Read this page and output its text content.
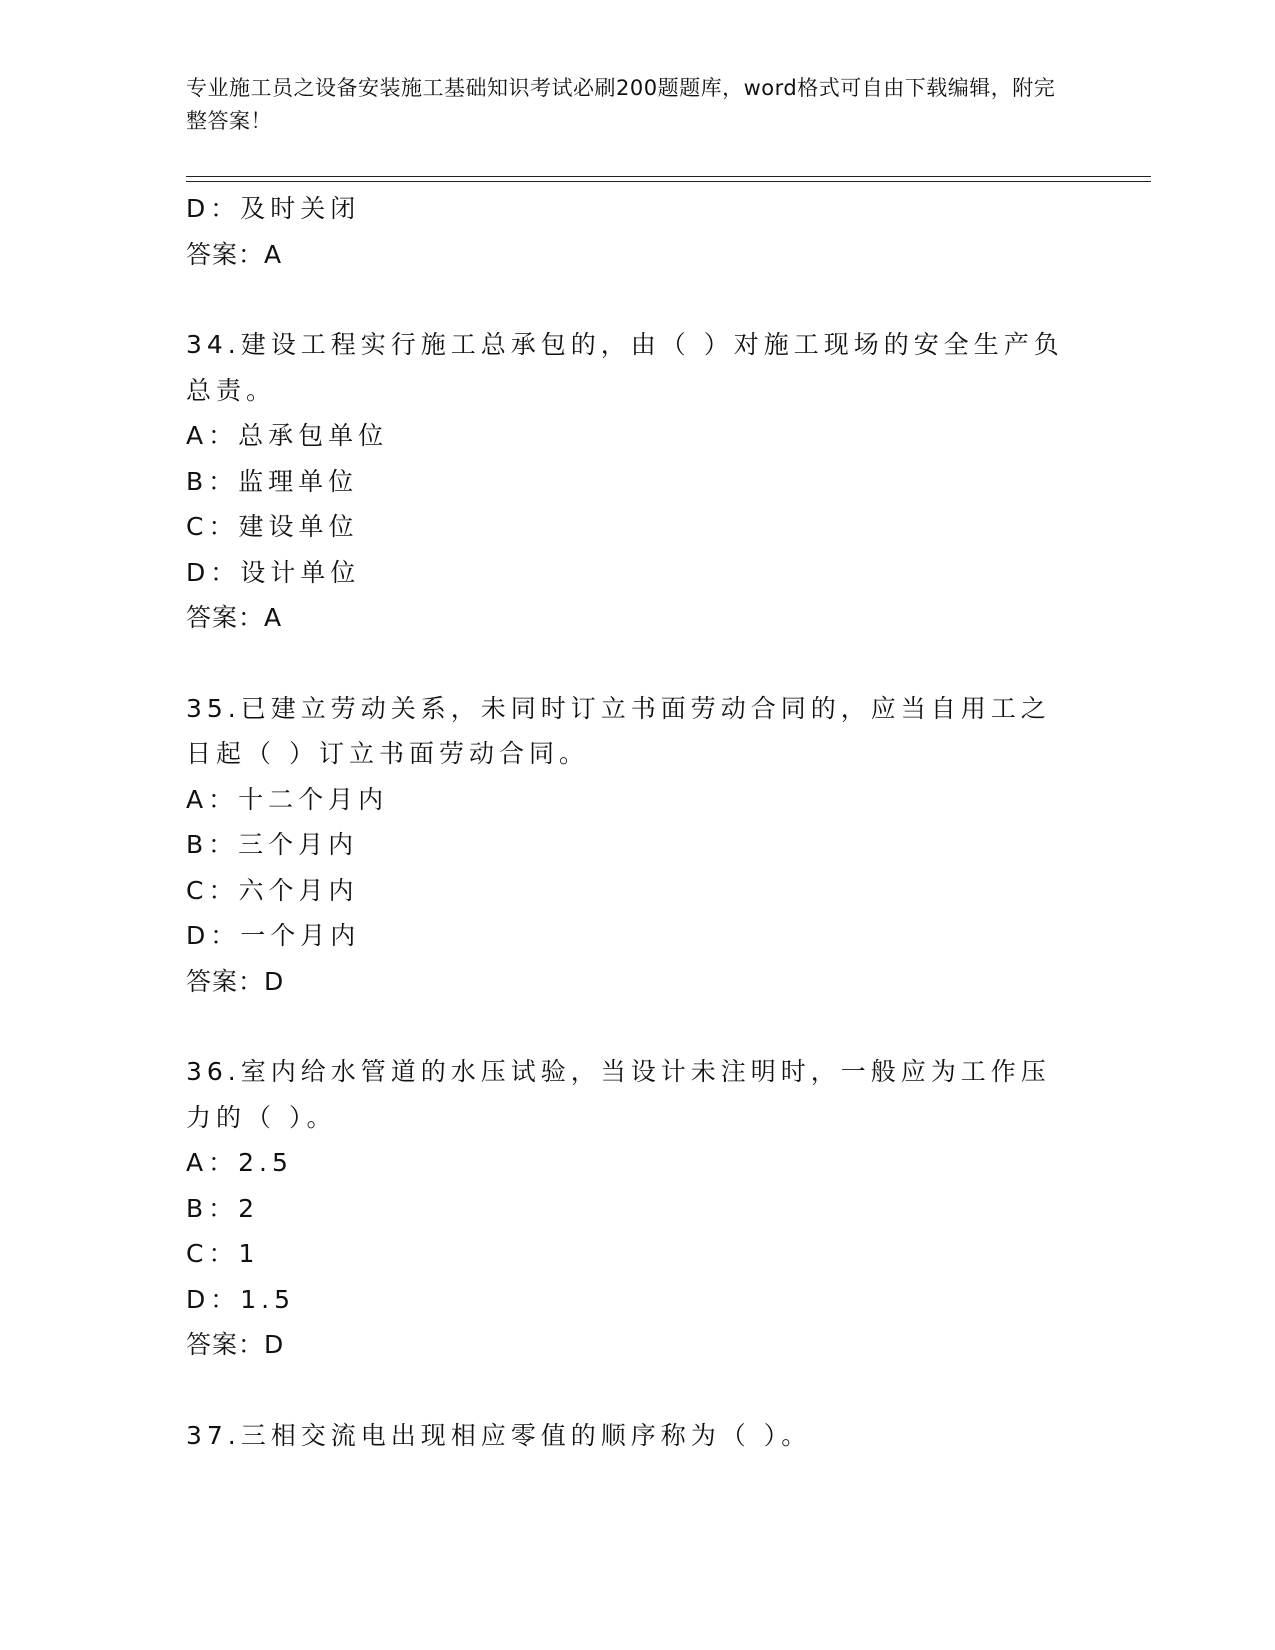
专业施工员之设备安装施工基础知识考试必刷200题题库，word格式可自由下载编辑，附完整答案！

D：及时关闭

答案：A

34.建设工程实行施工总承包的，由（ ）对施工现场的安全生产负总责。

A：总承包单位

B：监理单位

C：建设单位

D：设计单位

答案：A

35.已建立劳动关系，未同时订立书面劳动合同的，应当自用工之日起（ ）订立书面劳动合同。

A：十二个月内

B：三个月内

C：六个月内

D：一个月内

答案：D

36.室内给水管道的水压试验，当设计未注明时，一般应为工作压力的（ ）。

A：2.5

B：2

C：1

D：1.5

答案：D

37.三相交流电出现相应零值的顺序称为（ ）。
